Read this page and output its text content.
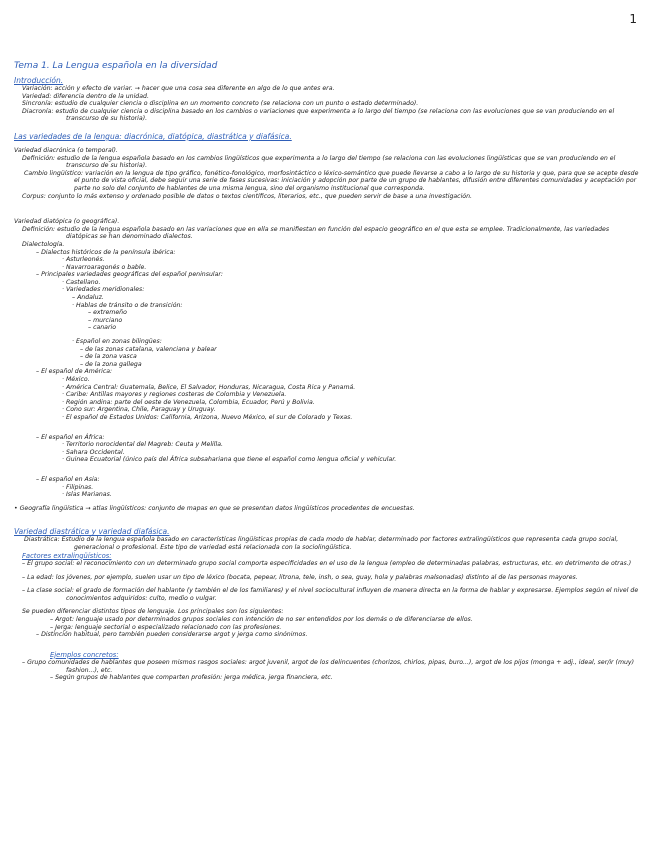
1
Tema 1. La Lengua española en la diversidad
Introducción.
Variación: acción y efecto de variar. → hacer que una cosa sea diferente en algo de lo que antes era.
Variedad: diferencia dentro de la unidad.
Sincronía: estudio de cualquier ciencia o disciplina en un momento concreto (se relaciona con un punto o estado determinado).
Diacronía: estudio de cualquier ciencia o disciplina basado en los cambios o variaciones que experimenta a lo largo del tiempo (se relaciona con las evoluciones que se van produciendo en el transcurso de su historia).
Las variedades de la lengua: diacrónica, diatópica, diastrática y diafásica.
Variedad diacrónica (o temporal).
Definición: estudio de la lengua española basado en los cambios lingüísticos que experimenta a lo largo del tiempo (se relaciona con las evoluciones lingüísticas que se van produciendo en el transcurso de su historia).
Cambio lingüístico: variación en la lengua de tipo gráfico, fonético-fonológico, morfosintáctico o léxico-semántico que puede llevarse a cabo a lo largo de su historia y que, para que se acepte desde el punto de vista oficial, debe seguir una serie de fases sucesivas: iniciación y adopción por parte de un grupo de hablantes, difusión entre diferentes comunidades y aceptación por parte no solo del conjunto de hablantes de una misma lengua, sino del organismo institucional que corresponda.
Corpus: conjunto lo más extenso y ordenado posible de datos o textos científicos, literarios, etc., que pueden servir de base a una investigación.
Variedad diatópica (o geográfica).
Definición: estudio de la lengua española basado en las variaciones que en ella se manifiestan en función del espacio geográfico en el que esta se emplee. Tradicionalmente, las variedades diatópicas se han denominado dialectos.
Dialectología.
– Dialectos históricos de la península ibérica:
· Asturleonés.
· Navarroaragonés o bable.
– Principales variedades geográficas del español peninsular:
· Castellano.
· Variedades meridionales:
– Andaluz.
· Hablas de tránsito o de transición:
– extremeño
– murciano
– canario
· Español en zonas bilingües:
– de las zonas catalana, valenciana y balear
– de la zona vasca
– de la zona gallega
– El español de América:
· México.
· América Central: Guatemala, Belice, El Salvador, Honduras, Nicaragua, Costa Rica y Panamá.
· Caribe: Antillas mayores y regiones costeras de Colombia y Venezuela.
· Región andina: parte del oeste de Venezuela, Colombia, Ecuador, Perú y Bolivia.
· Cono sur: Argentina, Chile, Paraguay y Uruguay.
· El español de Estados Unidos: California, Arizona, Nuevo México, el sur de Colorado y Texas.
– El español en África:
· Territorio norocidental del Magreb: Ceuta y Melilla.
· Sahara Occidental.
· Guinea Ecuatorial (único país del África subsahariana que tiene el español como lengua oficial y vehicular.
– El español en Asia:
· Filipinas.
· Islas Marianas.
• Geografía lingüística → atlas lingüísticos: conjunto de mapas en que se presentan datos lingüísticos procedentes de encuestas.
Variedad diastrática y variedad diafásica.
Diastrática: Estudio de la lengua española basado en características lingüísticas propias de cada modo de hablar, determinado por factores extralingüísticos que representa cada grupo social, generacional o profesional. Este tipo de variedad está relacionada con la sociolingüística.
Factores extralingüísticos:
– El grupo social: el reconocimiento con un determinado grupo social comporta especificidades en el uso de la lengua (empleo de determinadas palabras, estructuras, etc. en detrimento de otras.)
– La edad: los jóvenes, por ejemplo, suelen usar un tipo de léxico (bocata, pepear, litrona, tele, insh, o sea, guay, hola y palabras malsonadas) distinto al de las personas mayores.
– La clase social: el grado de formación del hablante (y también el de los familiares) y el nivel sociocultural influyen de manera directa en la forma de hablar y expresarse. Ejemplos según el nivel de conocimientos adquiridos: culto, medio o vulgar.
Se pueden diferenciar distintos tipos de lenguaje. Los principales son los siguientes:
– Argot: lenguaje usado por determinados grupos sociales con intención de no ser entendidos por los demás o de diferenciarse de ellos.
– Jerga: lenguaje sectorial o especializado relacionado con las profesiones.
– Distinción habitual, pero también pueden considerarse argot y jerga como sinónimos.
Ejemplos concretos:
– Grupo comunidades de hablantes que poseen mismos rasgos sociales: argot juvenil, argot de los delincuentes (chorizos, chirlos, pipas, buro...), argot de los pijos (monga + adj., ideal, ser/ir (muy) fashion...), etc.
– Según grupos de hablantes que comparten profesión: jerga médica, jerga financiera, etc.
